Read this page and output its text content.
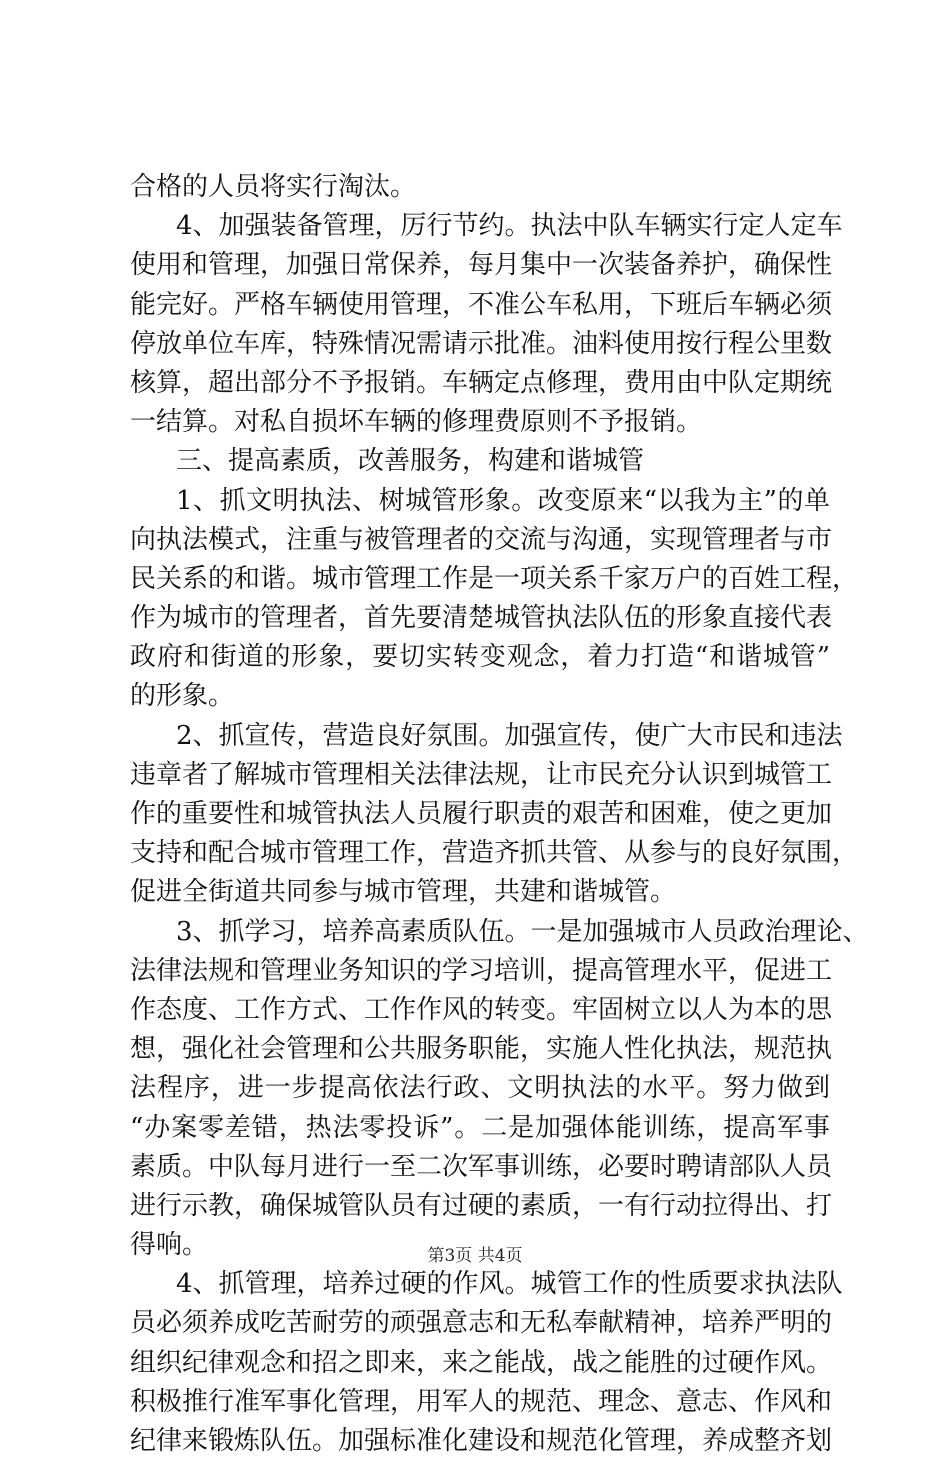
合格的人员将实行淘汰。
4、加强装备管理，厉行节约。执法中队车辆实行定人定车
使用和管理，加强日常保养，每月集中一次装备养护，确保性
能完好。严格车辆使用管理，不准公车私用，下班后车辆必须
停放单位车库，特殊情况需请示批准。油料使用按行程公里数
核算，超出部分不予报销。车辆定点修理，费用由中队定期统
一结算。对私自损坏车辆的修理费原则不予报销。
三、提高素质，改善服务，构建和谐城管
1、抓文明执法、树城管形象。改变原来“以我为主”的单
向执法模式，注重与被管理者的交流与沟通，实现管理者与市
民关系的和谐。城市管理工作是一项关系千家万户的百姓工程，
作为城市的管理者，首先要清楚城管执法队伍的形象直接代表
政府和街道的形象，要切实转变观念，着力打造“和谐城管”
的形象。
2、抓宣传，营造良好氛围。加强宣传，使广大市民和违法
违章者了解城市管理相关法律法规，让市民充分认识到城管工
作的重要性和城管执法人员履行职责的艰苦和困难，使之更加
支持和配合城市管理工作，营造齐抓共管、从参与的良好氛围，
促进全街道共同参与城市管理，共建和谐城管。
3、抓学习，培养高素质队伍。一是加强城市人员政治理论、
法律法规和管理业务知识的学习培训，提高管理水平，促进工
作态度、工作方式、工作作风的转变。牢固树立以人为本的思
想，强化社会管理和公共服务职能，实施人性化执法，规范执
法程序，进一步提高依法行政、文明执法的水平。努力做到
“办案零差错，热法零投诉”。二是加强体能训练，提高军事
素质。中队每月进行一至二次军事训练，必要时聘请部队人员
进行示教，确保城管队员有过硬的素质，一有行动拉得出、打
得响。
4、抓管理，培养过硬的作风。城管工作的性质要求执法队
员必须养成吃苦耐劳的顽强意志和无私奉献精神，培养严明的
组织纪律观念和招之即来，来之能战，战之能胜的过硬作风。
积极推行准军事化管理，用军人的规范、理念、意志、作风和
纪律来锻炼队伍。加强标准化建设和规范化管理，养成整齐划
第3页 共4页
